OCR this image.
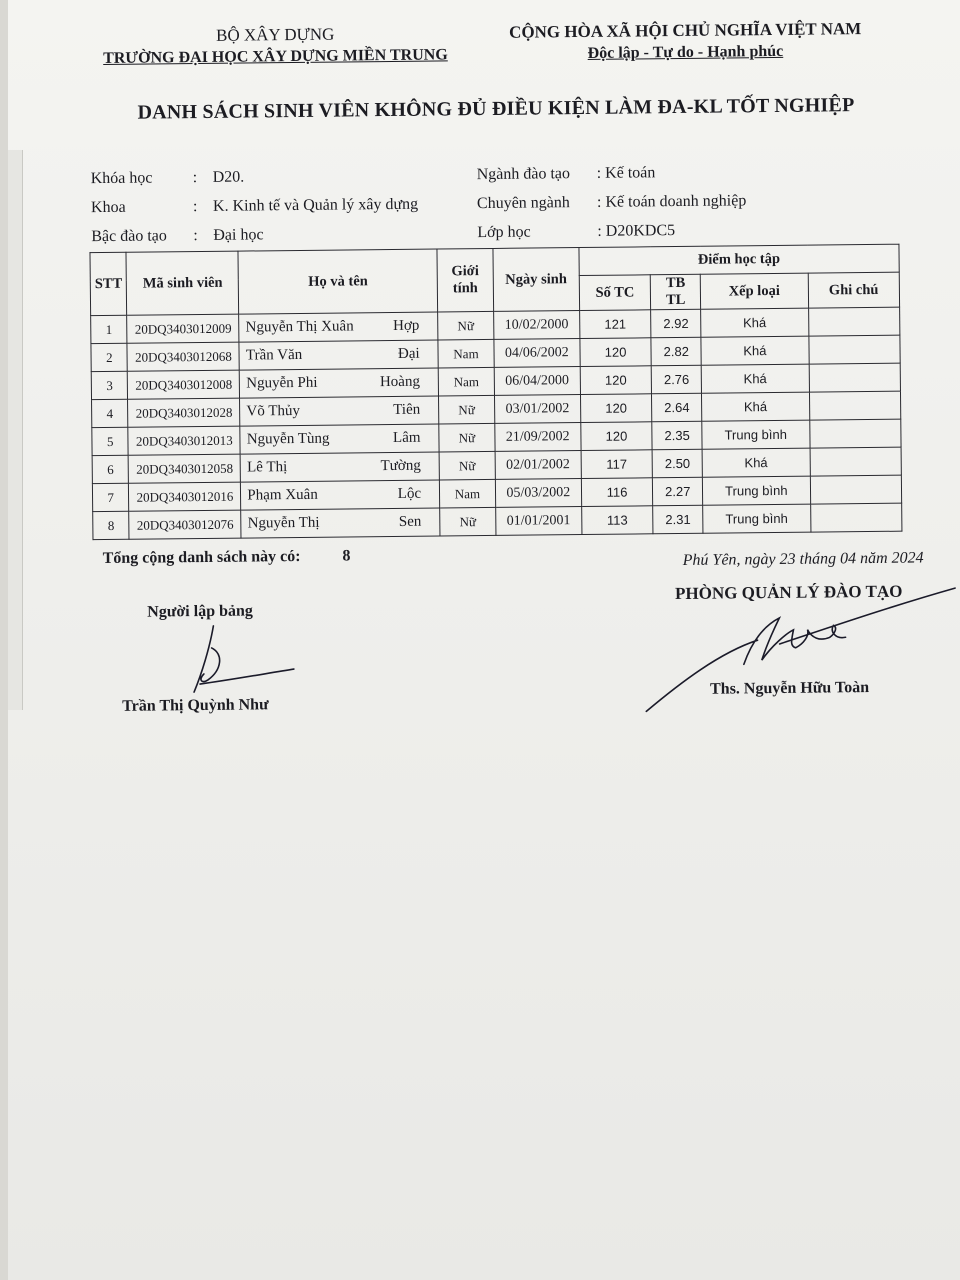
BỘ XÂY DỰNG
TRƯỜNG ĐẠI HỌC XÂY DỰNG MIỀN TRUNG
CỘNG HÒA XÃ HỘI CHỦ NGHĨA VIỆT NAM
Độc lập - Tự do - Hạnh phúc
DANH SÁCH SINH VIÊN KHÔNG ĐỦ ĐIỀU KIỆN LÀM ĐA-KL TỐT NGHIỆP
Khóa học	: D20.
Khoa	: K. Kinh tế và Quản lý xây dựng
Bậc đào tạo : Đại học
Ngành đào tạo : Kế toán
Chuyên ngành : Kế toán doanh nghiệp
Lớp học	: D20KDC5
STT	Mã sinh viên	Họ và tên	Giới tính	Ngày sinh	Điểm học tập			
					Số TC	TB TL	Xếp loại	Ghi chú
1	20DQ3403012009	Nguyễn Thị Xuân Hợp	Nữ	10/02/2000	121	2.92	Khá	
2	20DQ3403012068	Trần Văn Đại	Nam	04/06/2002	120	2.82	Khá	
3	20DQ3403012008	Nguyễn Phi Hoàng	Nam	06/04/2000	120	2.76	Khá	
4	20DQ3403012028	Võ Thủy Tiên	Nữ	03/01/2002	120	2.64	Khá	
5	20DQ3403012013	Nguyễn Tùng Lâm	Nữ	21/09/2002	120	2.35	Trung bình	
6	20DQ3403012058	Lê Thị Tường	Nữ	02/01/2002	117	2.50	Khá	
7	20DQ3403012016	Phạm Xuân Lộc	Nam	05/03/2002	116	2.27	Trung bình	
8	20DQ3403012076	Nguyễn Thị Sen	Nữ	01/01/2001	113	2.31	Trung bình	
Tổng cộng danh sách này có:	8	Phú Yên, ngày 23 tháng 04 năm 2024
PHÒNG QUẢN LÝ ĐÀO TẠO
Người lập bảng
Trần Thị Quỳnh Như
Ths. Nguyễn Hữu Toàn
